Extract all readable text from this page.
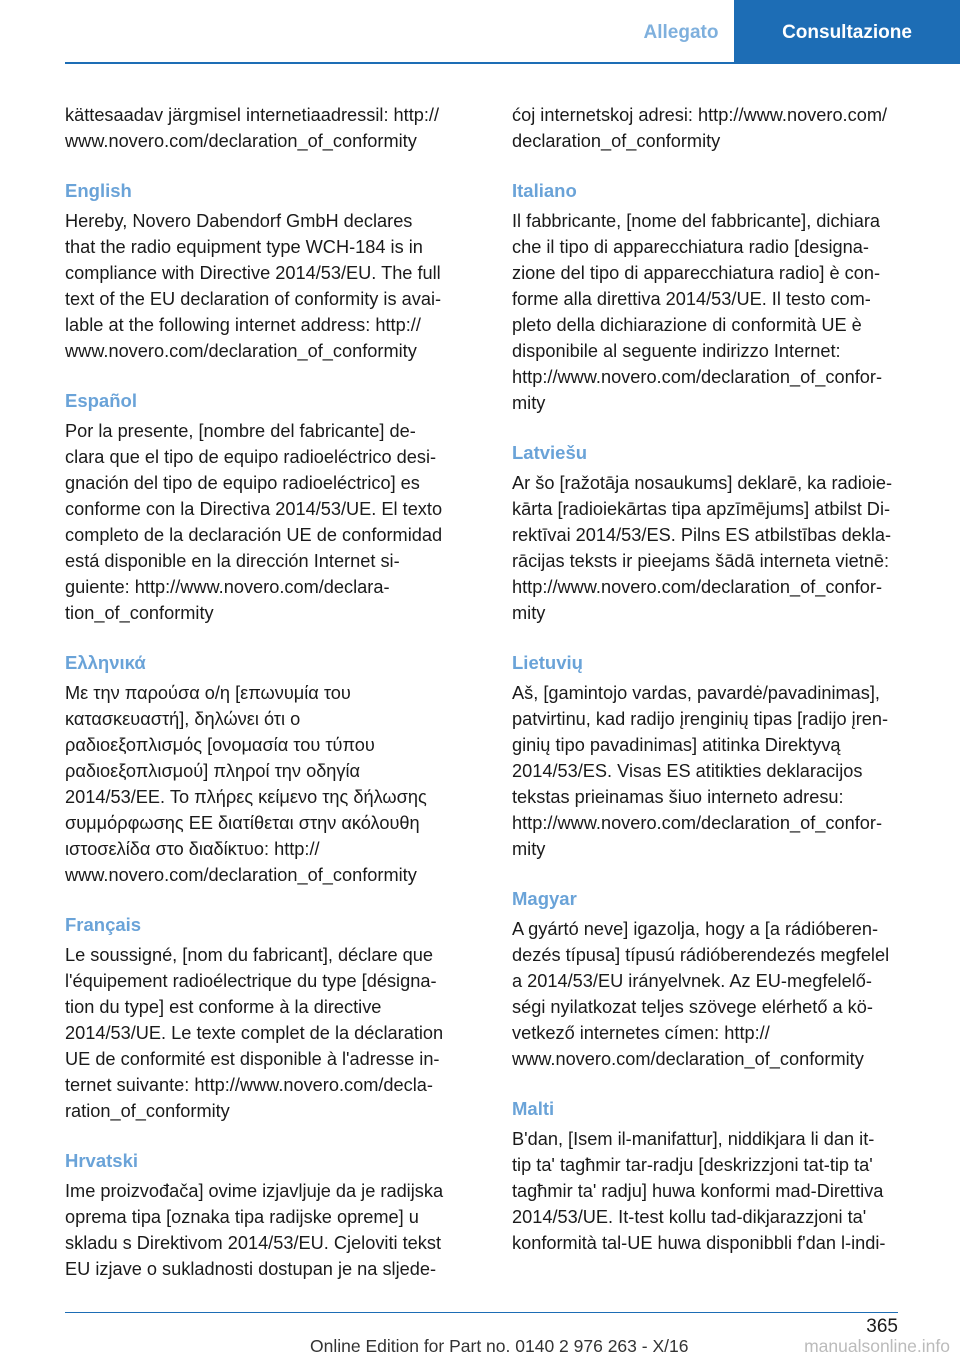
Allegato	Consultazione
kättesaadav järgmisel internetiaadressil: http://
www.novero.com/declaration_of_conformity
English
Hereby, Novero Dabendorf GmbH declares
that the radio equipment type WCH-184 is in
compliance with Directive 2014/53/EU. The full
text of the EU declaration of conformity is avai‐
lable at the following internet address: http://
www.novero.com/declaration_of_conformity
Español
Por la presente, [nombre del fabricante] de‐
clara que el tipo de equipo radioeléctrico desi‐
gnación del tipo de equipo radioeléctrico] es
conforme con la Directiva 2014/53/UE. El texto
completo de la declaración UE de conformidad
está disponible en la dirección Internet si‐
guiente: http://www.novero.com/declara‐
tion_of_conformity
Ελληνικά
Με την παρούσα ο/η [επωνυμία του
κατασκευαστή], δηλώνει ότι ο
ραδιοεξοπλισμός [ονομασία του τύπου
ραδιοεξοπλισμού] πληροί την οδηγία
2014/53/ΕΕ. Το πλήρες κείμενο της δήλωσης
συμμόρφωσης ΕΕ διατίθεται στην ακόλουθη
ιστοσελίδα στο διαδίκτυο: http://
www.novero.com/declaration_of_conformity
Français
Le soussigné, [nom du fabricant], déclare que
l'équipement radioélectrique du type [désigna‐
tion du type] est conforme à la directive
2014/53/UE. Le texte complet de la déclaration
UE de conformité est disponible à l'adresse in‐
ternet suivante: http://www.novero.com/decla‐
ration_of_conformity
Hrvatski
Ime proizvođača] ovime izjavljuje da je radijska
oprema tipa [oznaka tipa radijske opreme] u
skladu s Direktivom 2014/53/EU. Cjeloviti tekst
EU izjave o sukladnosti dostupan je na sljede‐
ćoj internetskoj adresi: http://www.novero.com/
declaration_of_conformity
Italiano
Il fabbricante, [nome del fabbricante], dichiara
che il tipo di apparecchiatura radio [designa‐
zione del tipo di apparecchiatura radio] è con‐
forme alla direttiva 2014/53/UE. Il testo com‐
pleto della dichiarazione di conformità UE è
disponibile al seguente indirizzo Internet:
http://www.novero.com/declaration_of_confor‐
mity
Latviešu
Ar šo [ražotāja nosaukums] deklarē, ka radioie‐
kārta [radioiekārtas tipa apzīmējums] atbilst Di‐
rektīvai 2014/53/ES. Pilns ES atbilstības dekla‐
rācijas teksts ir pieejams šādā interneta vietnē:
http://www.novero.com/declaration_of_confor‐
mity
Lietuvių
Aš, [gamintojo vardas, pavardė/pavadinimas],
patvirtinu, kad radijo įrenginių tipas [radijo įren‐
ginių tipo pavadinimas] atitinka Direktyvą
2014/53/ES. Visas ES atitikties deklaracijos
tekstas prieinamas šiuo interneto adresu:
http://www.novero.com/declaration_of_confor‐
mity
Magyar
A gyártó neve] igazolja, hogy a [a rádióberen‐
dezés típusa] típusú rádióberendezés megfelel
a 2014/53/EU irányelvnek. Az EU-megfelelő‐
ségi nyilatkozat teljes szövege elérhető a kö‐
vetkező internetes címen: http://
www.novero.com/declaration_of_conformity
Malti
B'dan, [Isem il-manifattur], niddikjara li dan it-
tip ta' tagħmir tar-radju [deskrizzjoni tat-tip ta'
tagħmir ta' radju] huwa konformi mad-Direttiva
2014/53/UE. It-test kollu tad-dikjarazzjoni ta'
konformità tal-UE huwa disponibbli f'dan l-indi‐
365
Online Edition for Part no. 0140 2 976 263 - X/16	manualsonline.info
